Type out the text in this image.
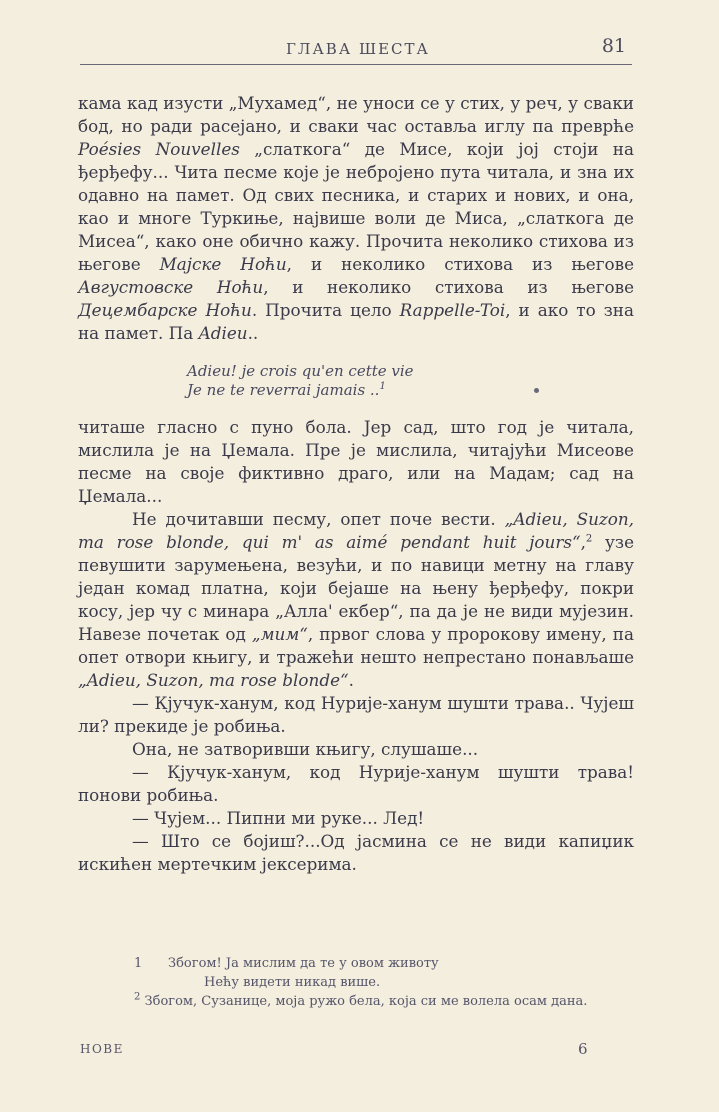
ГЛАВА ШЕСТА	81

кама кад изусти „Мухамед“, не уноси се у стих, у реч, у сваки бод, но ради расејано, и сваки час оставља иглу па преврће Poésies Nouvelles „слаткога“ де Мисе, који јој стоји на ђерђефу... Чита песме које је небројено пута читала, и зна их одавно на памет. Од свих песника, и старих и нових, и она, као и многе Туркиње, највише воли де Миса, „слаткога де Мисеа“, како оне обично кажу. Прочита неколико стихова из његове Мајске Ноћи, и неколико стихова из његове Августовске Ноћи, и неколико стихова из његове Децембарске Ноћи. Прочита цело Rappelle-Toi, и ако то зна на памет. Па Adieu..

Adieu! je crois qu'en cette vie
Je ne te reverrai jamais ..$^1$

читаше гласно с пуно бола. Јер сад, што год је читала, мислила је на Џемала. Пре је мислила, читајући Мисеове песме на своје фиктивно драго, или на Мадам; сад на Џемала...

Не дочитавши песму, опет поче вести. „Adieu, Suzon, ma rose blonde, qui m' as aimé pendant huit jours“,$^2$ узе певушити зарумењена, везући, и по навици метну на главу један комад платна, који бејаше на њену ђерђефу, покри косу, јер чу с минара „Алла' екбер“, па да је не види мујезин. Навезе почетак од „мим“, првог слова у пророкову имену, па опет отвори књигу, и тражећи нешто непрестано понављаше „Adieu, Suzon, ma rose blonde“.

— Кјучук-ханум, код Нурије-ханум шушти трава.. Чујеш ли? прекиде је робиња.

Она, не затворивши књигу, слушаше...

— Кјучук-ханум, код Нурије-ханум шушти трава! понови робиња.

— Чујем... Пипни ми руке... Лед!

— Што се бојиш?...Од јасмина се не види капиџик искићен мертечким јексерима.

1 Збогом! Ја мислим да те у овом животу
Нећу видети никад више.
$^2$ Збогом, Сузанице, моја ружо бела, која си ме волела осам дана.
НОВЕ	6
